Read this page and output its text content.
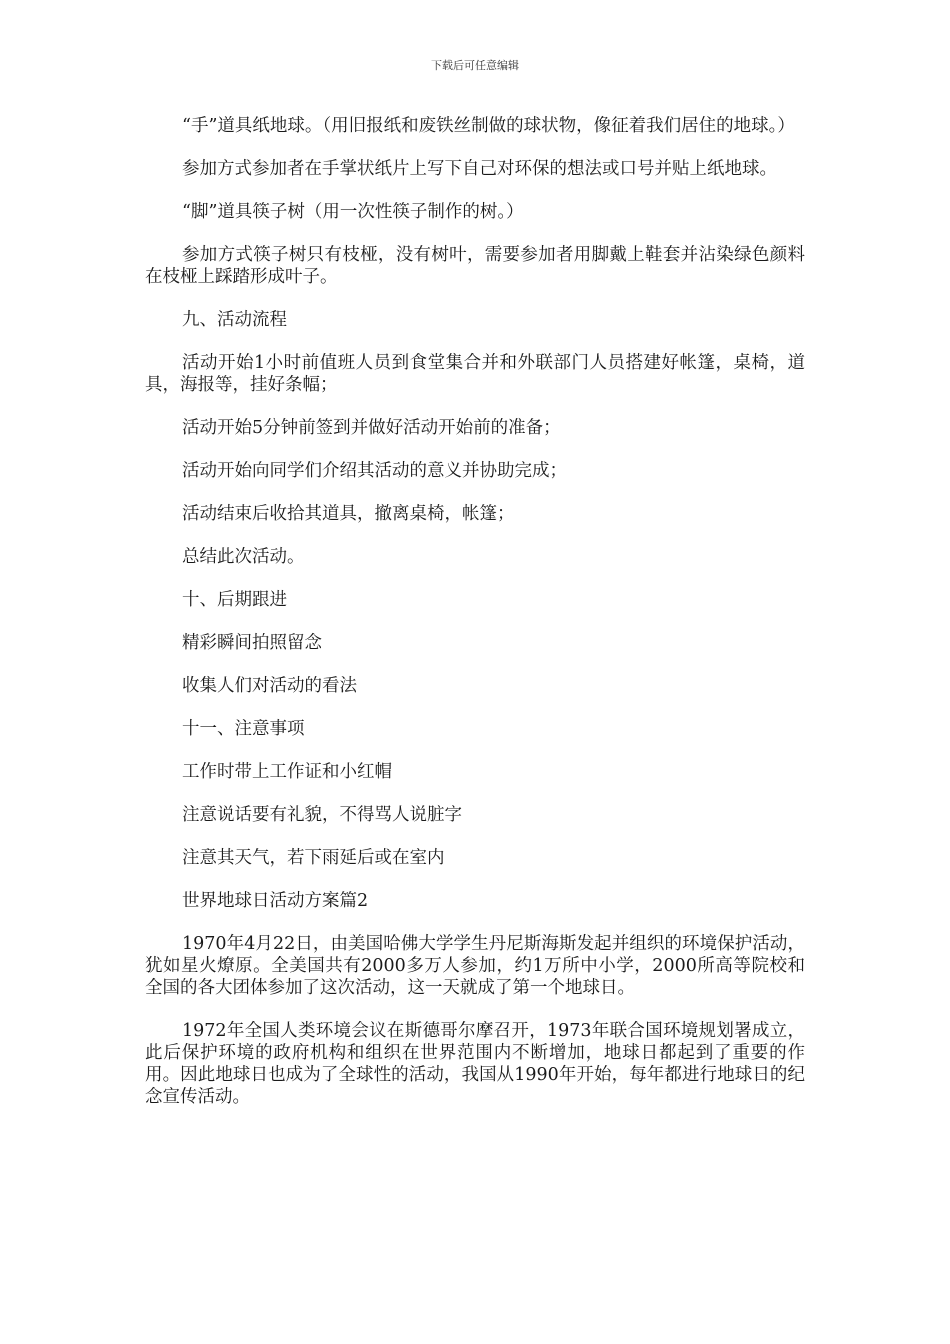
下载后可任意编辑

“手”道具纸地球。（用旧报纸和废铁丝制做的球状物，像征着我们居住的地球。）

参加方式参加者在手掌状纸片上写下自己对环保的想法或口号并贴上纸地球。

“脚”道具筷子树（用一次性筷子制作的树。）

参加方式筷子树只有枝桠，没有树叶，需要参加者用脚戴上鞋套并沾染绿色颜料在枝桠上踩踏形成叶子。

九、活动流程

活动开始1小时前值班人员到食堂集合并和外联部门人员搭建好帐篷，桌椅，道具，海报等，挂好条幅；

活动开始5分钟前签到并做好活动开始前的准备；

活动开始向同学们介绍其活动的意义并协助完成；

活动结束后收拾其道具，撤离桌椅，帐篷；

总结此次活动。

十、后期跟进

精彩瞬间拍照留念

收集人们对活动的看法

十一、注意事项

工作时带上工作证和小红帽

注意说话要有礼貌，不得骂人说脏字

注意其天气，若下雨延后或在室内

世界地球日活动方案篇2

1970年4月22日，由美国哈佛大学学生丹尼斯海斯发起并组织的环境保护活动，犹如星火燎原。全美国共有2000多万人参加，约1万所中小学，2000所高等院校和全国的各大团体参加了这次活动，这一天就成了第一个地球日。

1972年全国人类环境会议在斯德哥尔摩召开，1973年联合国环境规划署成立，此后保护环境的政府机构和组织在世界范围内不断增加，地球日都起到了重要的作用。因此地球日也成为了全球性的活动，我国从1990年开始，每年都进行地球日的纪念宣传活动。
